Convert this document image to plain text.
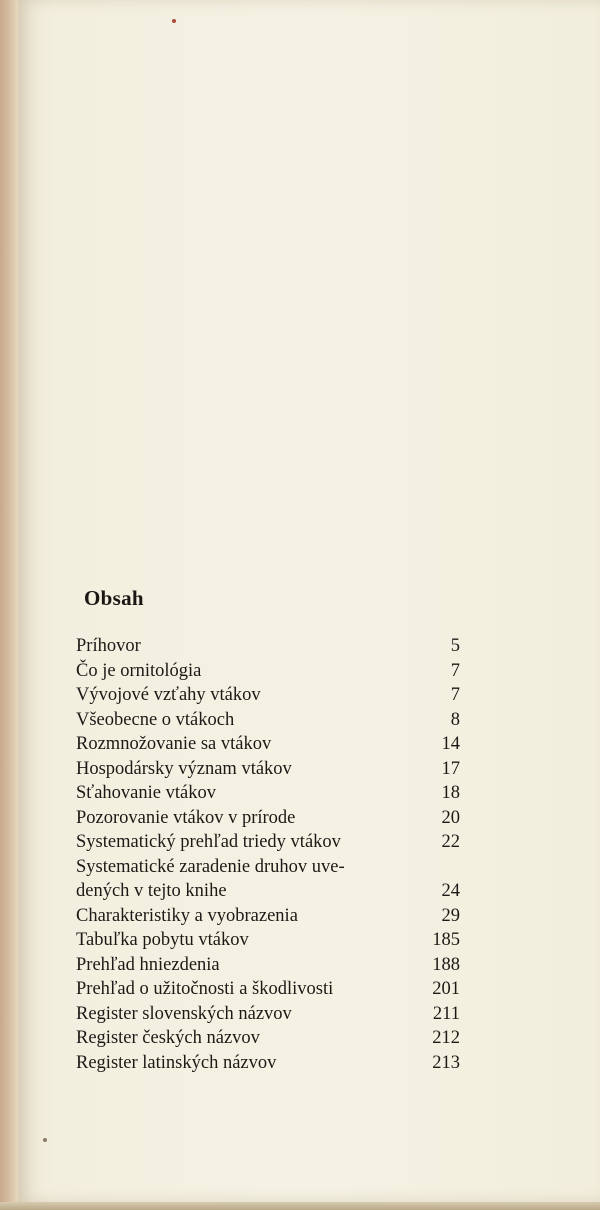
Obsah
Príhovor	5
Čo je ornitológia	7
Vývojové vzťahy vtákov	7
Všeobecne o vtákoch	8
Rozmnožovanie sa vtákov	14
Hospodársky význam vtákov	17
Sťahovanie vtákov	18
Pozorovanie vtákov v prírode	20
Systematický prehľad triedy vtákov	22
Systematické zaradenie druhov uve-
dených v tejto knihe	24
Charakteristiky a vyobrazenia	29
Tabuľka pobytu vtákov	185
Prehľad hniezdenia	188
Prehľad o užitočnosti a škodlivosti	201
Register slovenských názvov	211
Register českých názvov	212
Register latinských názvov	213
